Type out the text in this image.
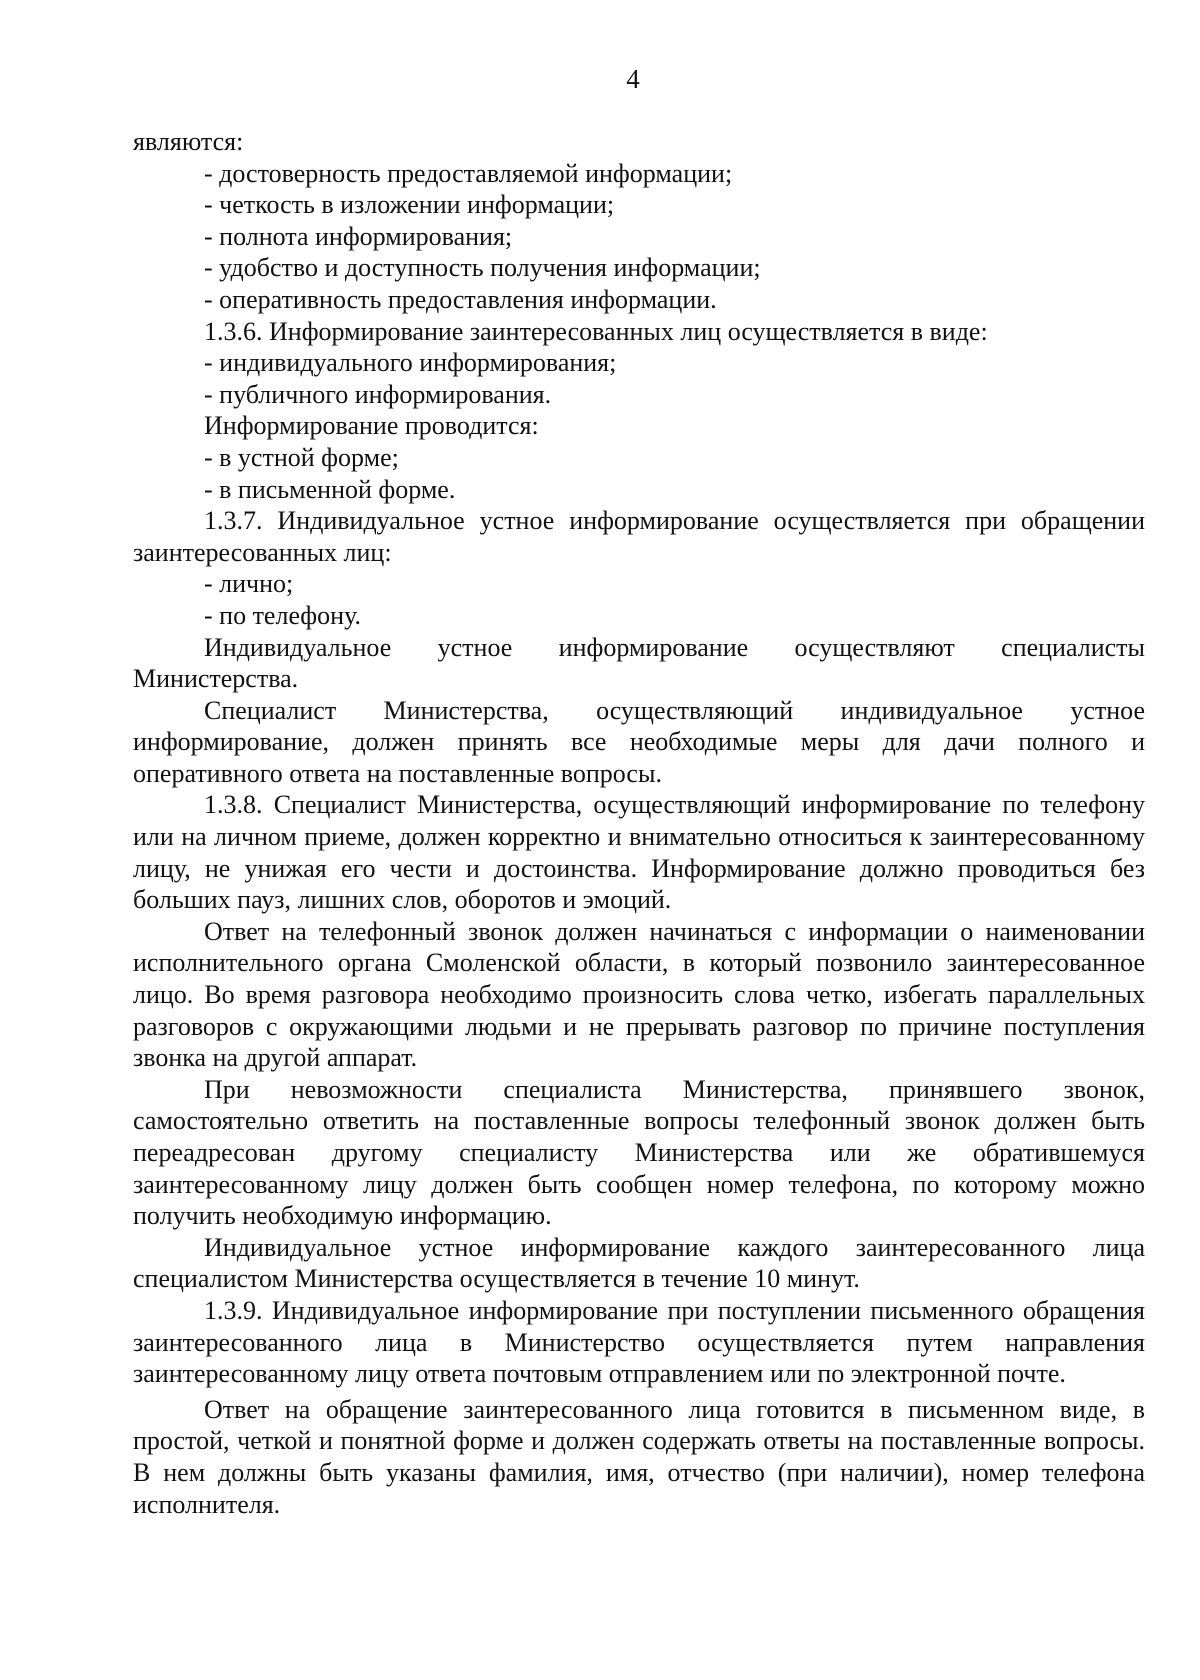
4

являются:

- достоверность предоставляемой информации;

- четкость в изложении информации;

- полнота информирования;

- удобство и доступность получения информации;

- оперативность предоставления информации.

1.3.6. Информирование заинтересованных лиц осуществляется в виде:

- индивидуального информирования;

- публичного информирования.

Информирование проводится:

- в устной форме;

- в письменной форме.

1.3.7. Индивидуальное устное информирование осуществляется при обращении заинтересованных лиц:

- лично;

- по телефону.

Индивидуальное устное информирование осуществляют специалисты Министерства.

Специалист Министерства, осуществляющий индивидуальное устное информирование, должен принять все необходимые меры для дачи полного и оперативного ответа на поставленные вопросы.

1.3.8. Специалист Министерства, осуществляющий информирование по телефону или на личном приеме, должен корректно и внимательно относиться к заинтересованному лицу, не унижая его чести и достоинства. Информирование должно проводиться без больших пауз, лишних слов, оборотов и эмоций.

Ответ на телефонный звонок должен начинаться с информации о наименовании исполнительного органа Смоленской области, в который позвонило заинтересованное лицо. Во время разговора необходимо произносить слова четко, избегать параллельных разговоров с окружающими людьми и не прерывать разговор по причине поступления звонка на другой аппарат.

При невозможности специалиста Министерства, принявшего звонок, самостоятельно ответить на поставленные вопросы телефонный звонок должен быть переадресован другому специалисту Министерства или же обратившемуся заинтересованному лицу должен быть сообщен номер телефона, по которому можно получить необходимую информацию.

Индивидуальное устное информирование каждого заинтересованного лица специалистом Министерства осуществляется в течение 10 минут.

1.3.9. Индивидуальное информирование при поступлении письменного обращения заинтересованного лица в Министерство осуществляется путем направления заинтересованному лицу ответа почтовым отправлением или по электронной почте.

Ответ на обращение заинтересованного лица готовится в письменном виде, в простой, четкой и понятной форме и должен содержать ответы на поставленные вопросы. В нем должны быть указаны фамилия, имя, отчество (при наличии), номер телефона исполнителя.
